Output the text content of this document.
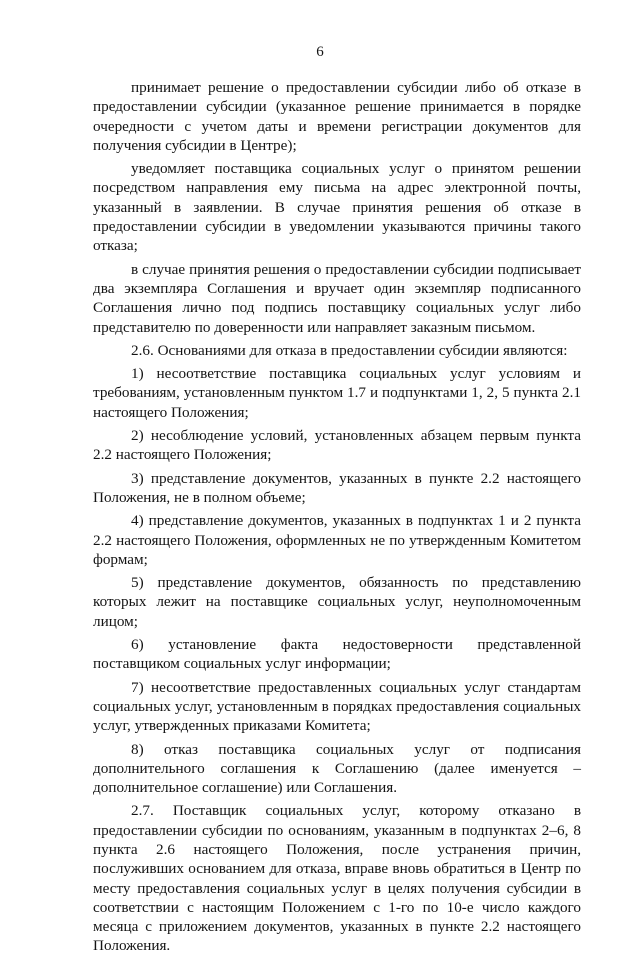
6

принимает решение о предоставлении субсидии либо об отказе в предоставлении субсидии (указанное решение принимается в порядке очередности с учетом даты и времени регистрации документов для получения субсидии в Центре);

уведомляет поставщика социальных услуг о принятом решении посредством направления ему письма на адрес электронной почты, указанный в заявлении. В случае принятия решения об отказе в предоставлении субсидии в уведомлении указываются причины такого отказа;

в случае принятия решения о предоставлении субсидии подписывает два экземпляра Соглашения и вручает один экземпляр подписанного Соглашения лично под подпись поставщику социальных услуг либо представителю по доверенности или направляет заказным письмом.

2.6. Основаниями для отказа в предоставлении субсидии являются:

1) несоответствие поставщика социальных услуг условиям и требованиям, установленным пунктом 1.7 и подпунктами 1, 2, 5 пункта 2.1 настоящего Положения;

2) несоблюдение условий, установленных абзацем первым пункта 2.2 настоящего Положения;

3) представление документов, указанных в пункте 2.2 настоящего Положения, не в полном объеме;

4) представление документов, указанных в подпунктах 1 и 2 пункта 2.2 настоящего Положения, оформленных не по утвержденным Комитетом формам;

5) представление документов, обязанность по представлению которых лежит на поставщике социальных услуг, неуполномоченным лицом;

6) установление факта недостоверности представленной поставщиком социальных услуг информации;

7) несоответствие предоставленных социальных услуг стандартам социальных услуг, установленным в порядках предоставления социальных услуг, утвержденных приказами Комитета;

8) отказ поставщика социальных услуг от подписания дополнительного соглашения к Соглашению (далее именуется – дополнительное соглашение) или Соглашения.

2.7. Поставщик социальных услуг, которому отказано в предоставлении субсидии по основаниям, указанным в подпунктах 2–6, 8 пункта 2.6 настоящего Положения, после устранения причин, послуживших основанием для отказа, вправе вновь обратиться в Центр по месту предоставления социальных услуг в целях получения субсидии в соответствии с настоящим Положением с 1-го по 10-е число каждого месяца с приложением документов, указанных в пункте 2.2 настоящего Положения.
